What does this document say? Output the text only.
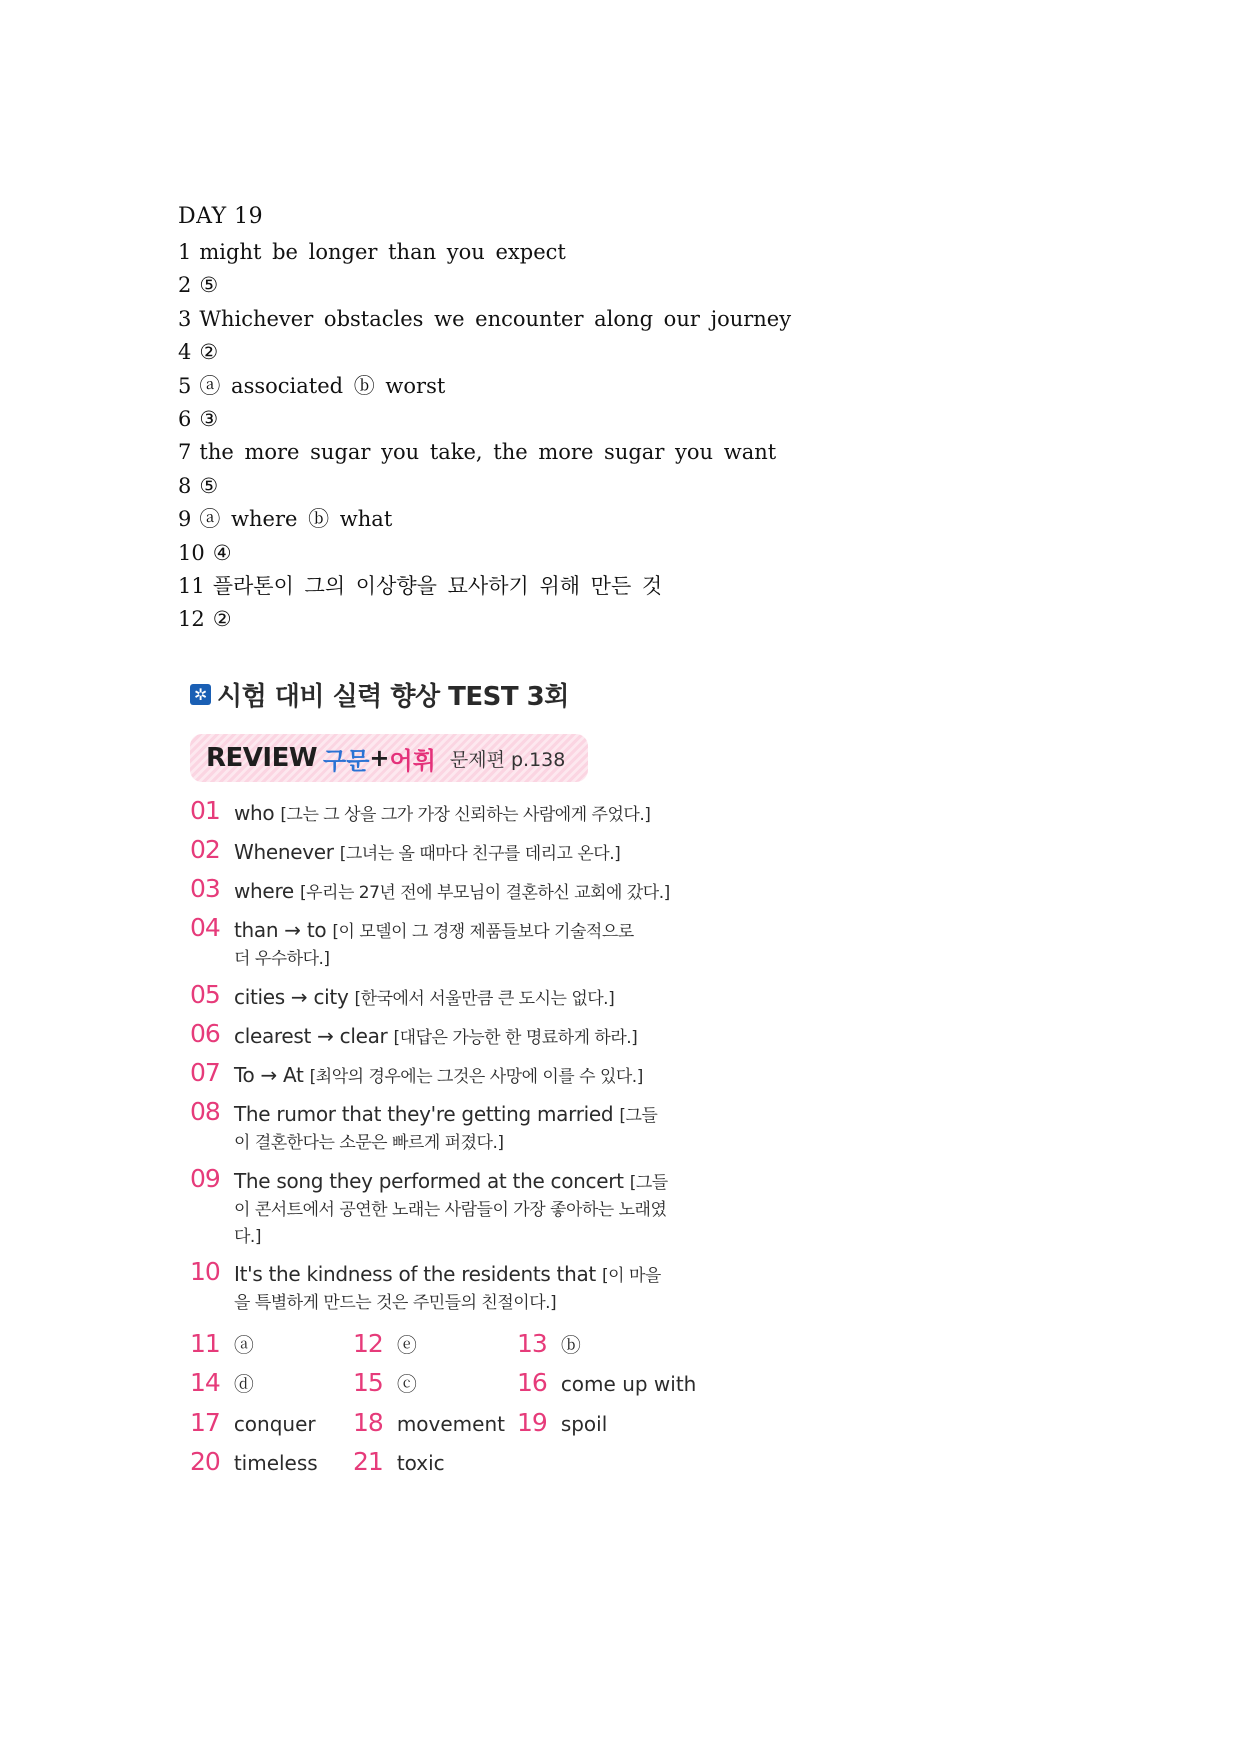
DAY 19
1 might be longer than you expect
2 ⑤
3 Whichever obstacles we encounter along our journey
4 ②
5 ⓐ associated ⓑ worst
6 ③
7 the more sugar you take, the more sugar you want
8 ⑤
9 ⓐ where ⓑ what
10 ④
11 플라톤이 그의 이상향을 묘사하기 위해 만든 것
12 ②
✲ 시험 대비 실력 향상 TEST 3회
REVIEW 구문 + 어휘 문제편 p.138
01 who [그는 그 상을 그가 가장 신뢰하는 사람에게 주었다.]
02 Whenever [그녀는 올 때마다 친구를 데리고 온다.]
03 where [우리는 27년 전에 부모님이 결혼하신 교회에 갔다.]
04 than → to [이 모델이 그 경쟁 제품들보다 기술적으로 더 우수하다.]
05 cities → city [한국에서 서울만큼 큰 도시는 없다.]
06 clearest → clear [대답은 가능한 한 명료하게 하라.]
07 To → At [최악의 경우에는 그것은 사망에 이를 수 있다.]
08 The rumor that they're getting married [그들이 결혼한다는 소문은 빠르게 퍼졌다.]
09 The song they performed at the concert [그들이 콘서트에서 공연한 노래는 사람들이 가장 좋아하는 노래였다.]
10 It's the kindness of the residents that [이 마을을 특별하게 만드는 것은 주민들의 친절이다.]
11 ⓐ	12 ⓔ	13 ⓑ
14 ⓓ	15 ⓒ	16 come up with
17 conquer 18 movement 19 spoil
20 timeless 21 toxic
